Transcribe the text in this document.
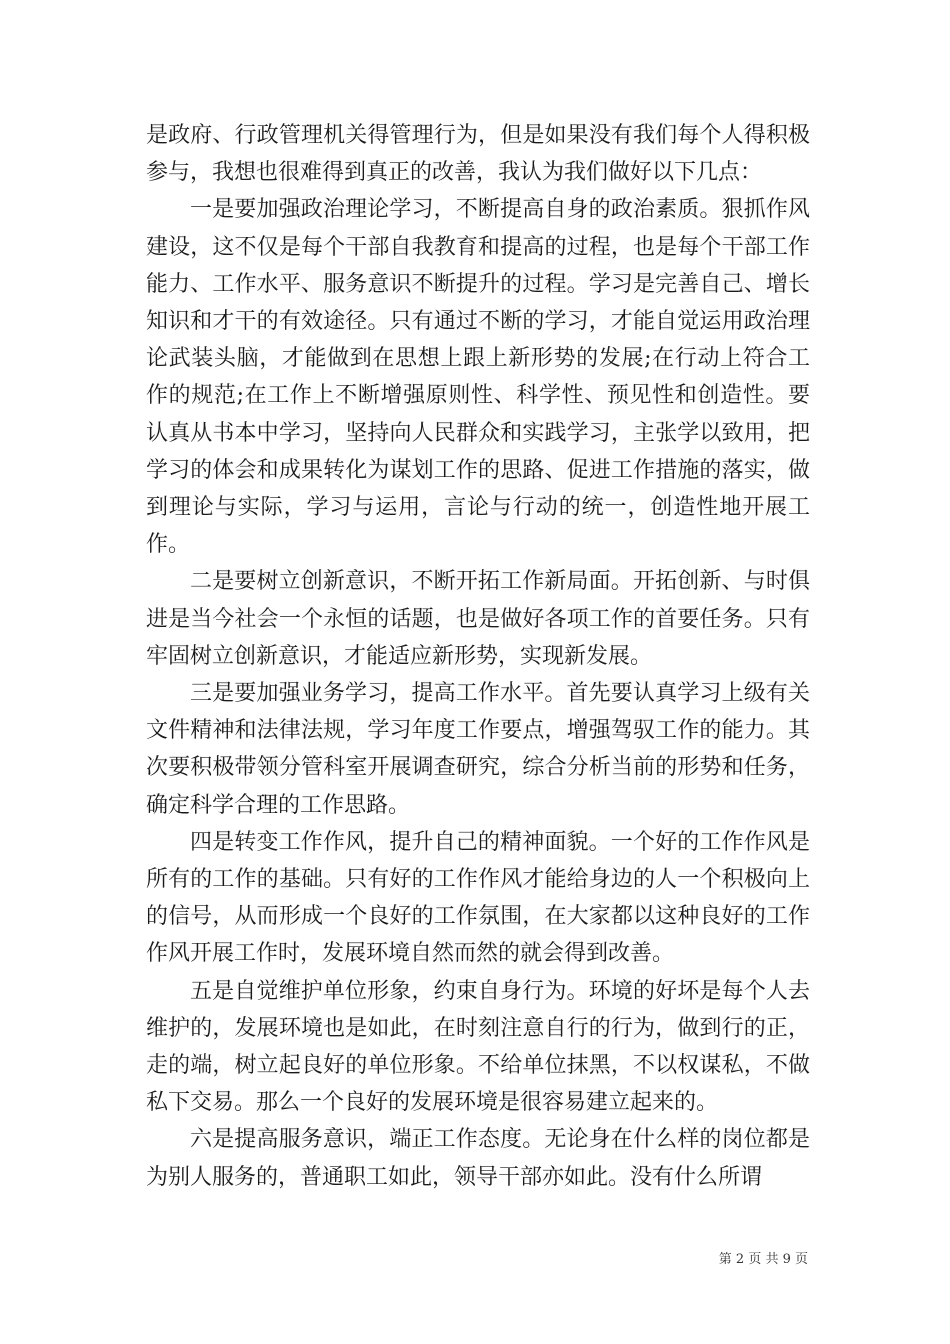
是政府、行政管理机关得管理行为，但是如果没有我们每个人得积极参与，我想也很难得到真正的改善，我认为我们做好以下几点：

一是要加强政治理论学习，不断提高自身的政治素质。狠抓作风建设，这不仅是每个干部自我教育和提高的过程，也是每个干部工作能力、工作水平、服务意识不断提升的过程。学习是完善自己、增长知识和才干的有效途径。只有通过不断的学习，才能自觉运用政治理论武装头脑，才能做到在思想上跟上新形势的发展;在行动上符合工作的规范;在工作上不断增强原则性、科学性、预见性和创造性。要认真从书本中学习，坚持向人民群众和实践学习，主张学以致用，把学习的体会和成果转化为谋划工作的思路、促进工作措施的落实，做到理论与实际，学习与运用，言论与行动的统一，创造性地开展工作。

二是要树立创新意识，不断开拓工作新局面。开拓创新、与时俱进是当今社会一个永恒的话题，也是做好各项工作的首要任务。只有牢固树立创新意识，才能适应新形势，实现新发展。

三是要加强业务学习，提高工作水平。首先要认真学习上级有关文件精神和法律法规，学习年度工作要点，增强驾驭工作的能力。其次要积极带领分管科室开展调查研究，综合分析当前的形势和任务，确定科学合理的工作思路。

四是转变工作作风，提升自己的精神面貌。一个好的工作作风是所有的工作的基础。只有好的工作作风才能给身边的人一个积极向上的信号，从而形成一个良好的工作氛围，在大家都以这种良好的工作作风开展工作时，发展环境自然而然的就会得到改善。

五是自觉维护单位形象，约束自身行为。环境的好坏是每个人去维护的，发展环境也是如此，在时刻注意自行的行为，做到行的正，走的端，树立起良好的单位形象。不给单位抹黑，不以权谋私，不做私下交易。那么一个良好的发展环境是很容易建立起来的。

六是提高服务意识，端正工作态度。无论身在什么样的岗位都是为别人服务的，普通职工如此，领导干部亦如此。没有什么所谓

第 2 页 共 9 页
